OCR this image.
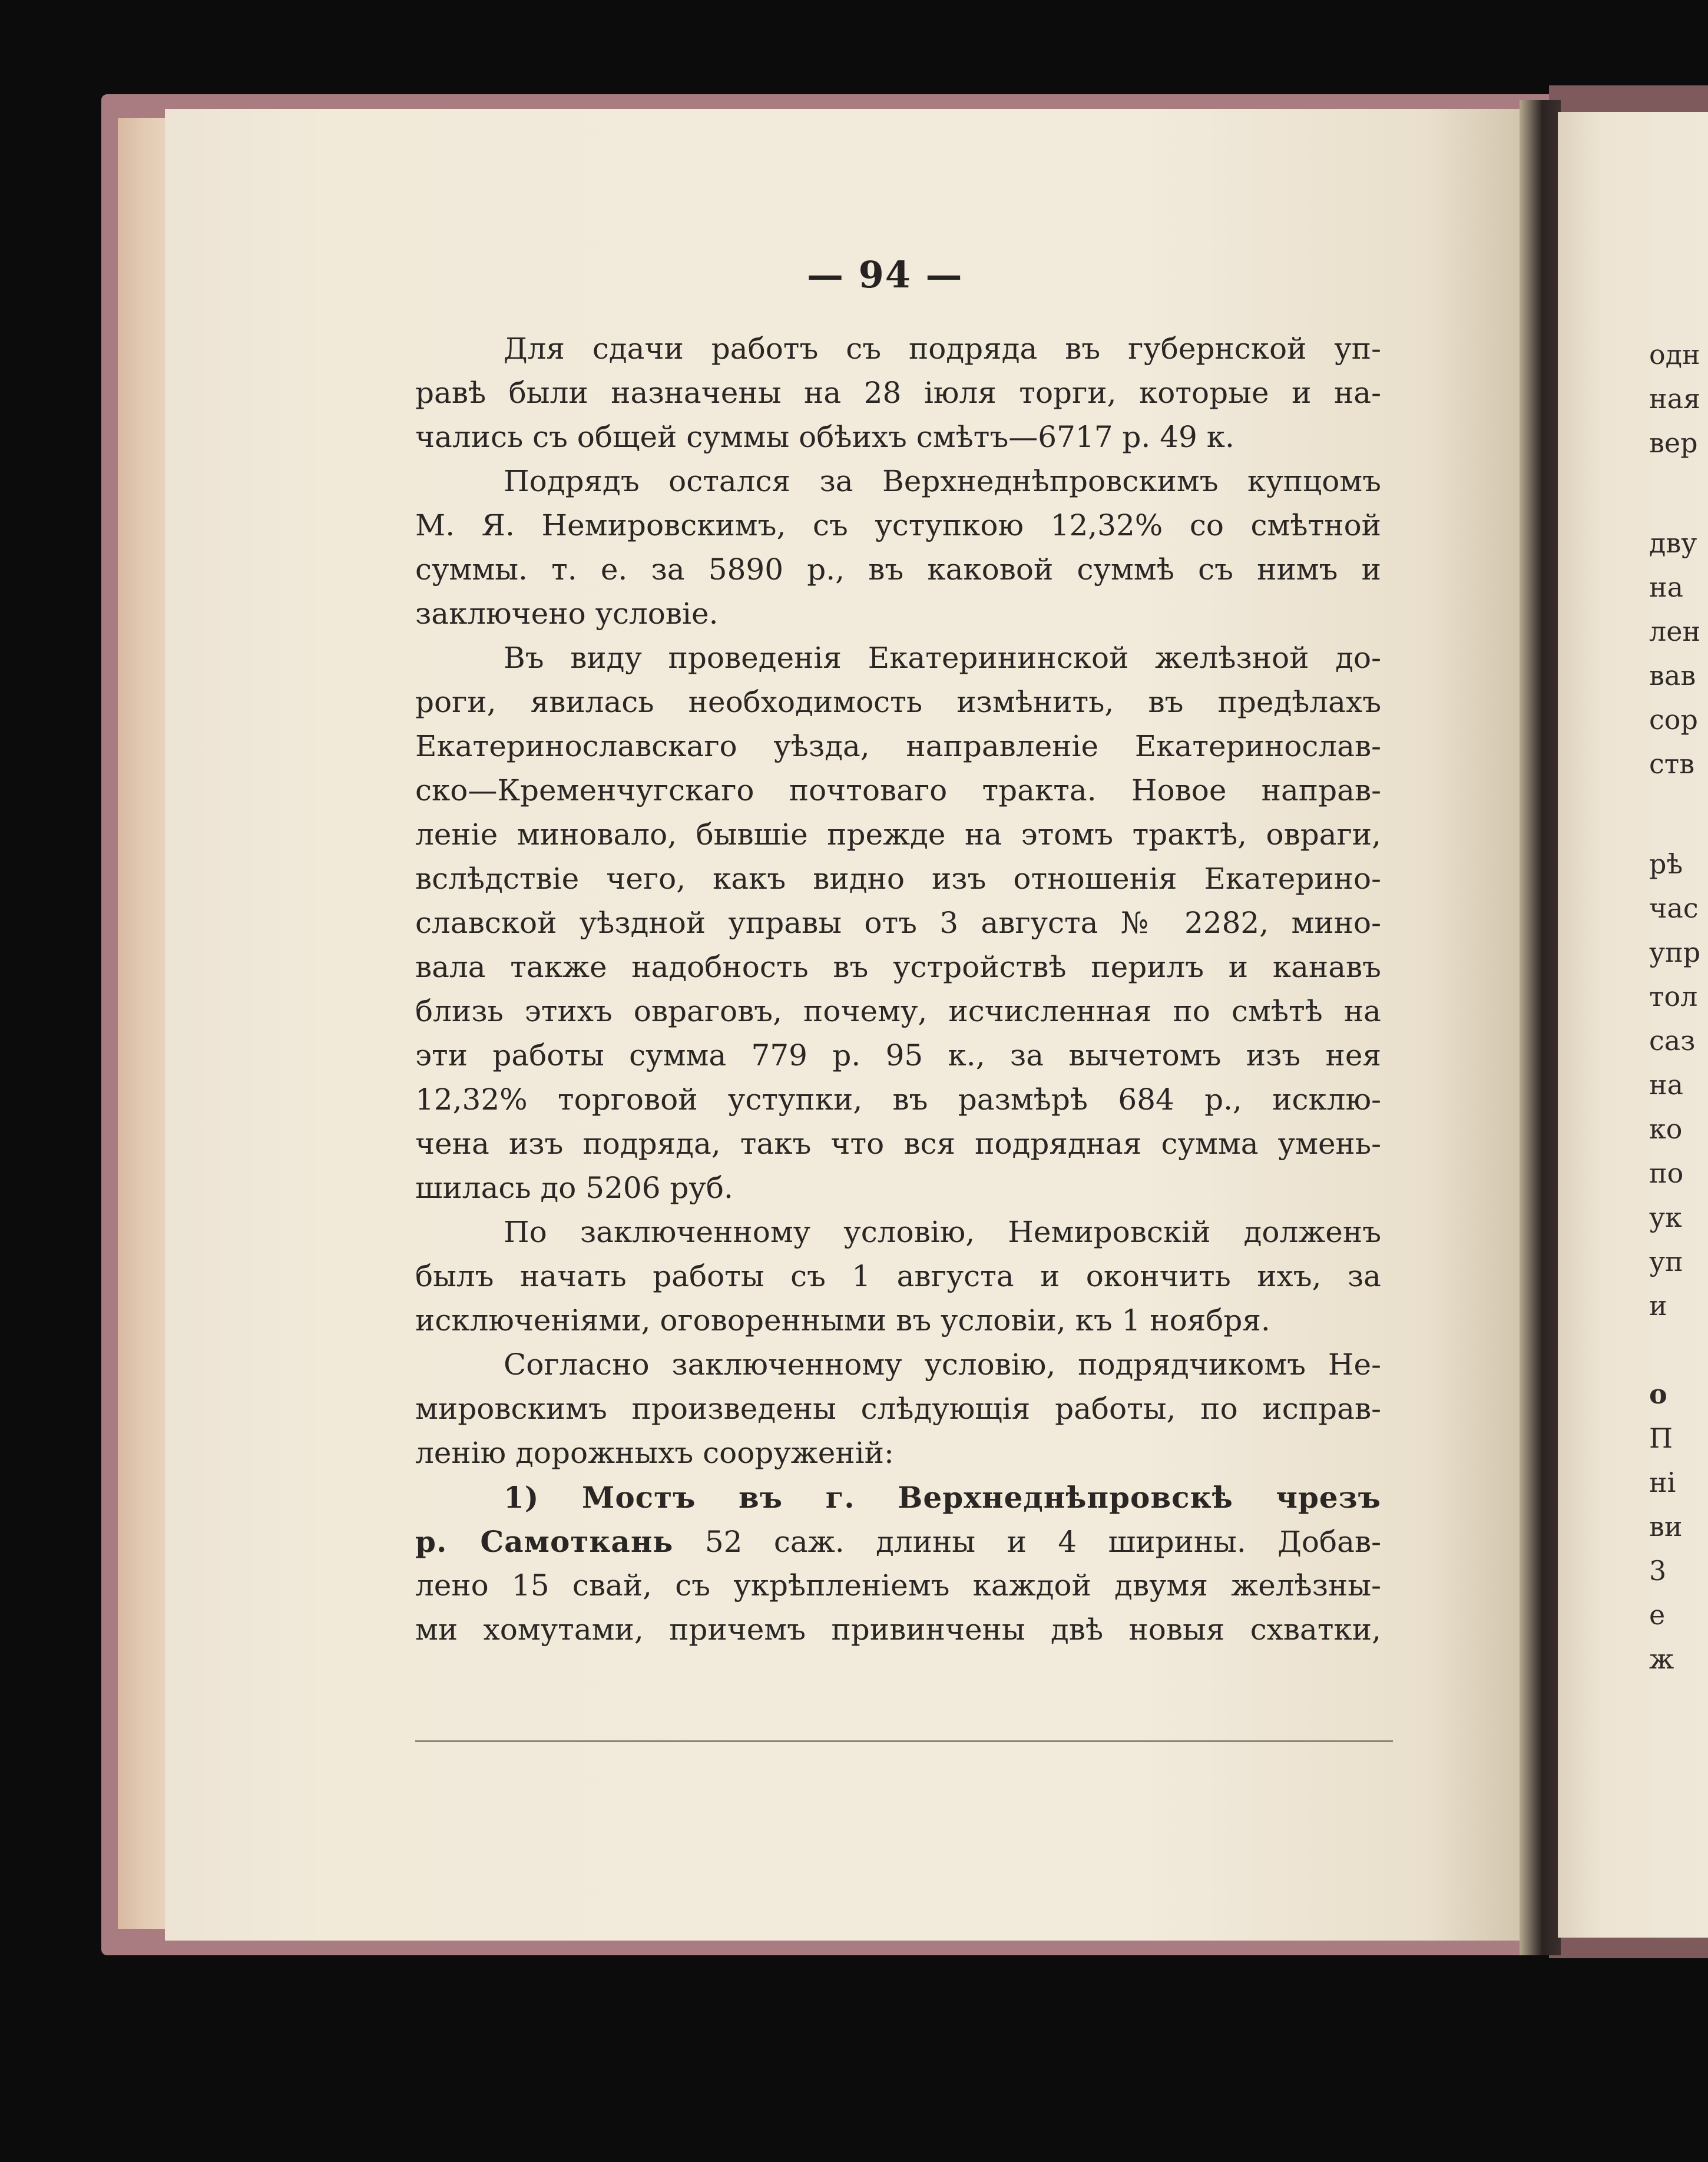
— 94 —
Для сдачи работъ съ подряда въ губернской уп-
равѣ были назначены на 28 іюля торги, которые и на-
чались съ общей суммы обѣихъ смѣтъ—6717 р. 49 к.
Подрядъ остался за Верхнеднѣпровскимъ купцомъ
М. Я. Немировскимъ, съ уступкою 12,32% со смѣтной
суммы. т. е. за 5890 р., въ каковой суммѣ съ нимъ и
заключено условіе.
Въ виду проведенія Екатерининской желѣзной до-
роги, явилась необходимость измѣнить, въ предѣлахъ
Екатеринославскаго уѣзда, направленіе Екатеринослав-
ско—Кременчугскаго почтоваго тракта. Новое направ-
леніе миновало, бывшіе прежде на этомъ трактѣ, овраги,
вслѣдствіе чего, какъ видно изъ отношенія Екатерино-
славской уѣздной управы отъ 3 августа № 2282, мино-
вала также надобность въ устройствѣ перилъ и канавъ
близь этихъ овраговъ, почему, исчисленная по смѣтѣ на
эти работы сумма 779 р. 95 к., за вычетомъ изъ нея
12,32% торговой уступки, въ размѣрѣ 684 р., исклю-
чена изъ подряда, такъ что вся подрядная сумма умень-
шилась до 5206 руб.
По заключенному условію, Немировскій долженъ
былъ начать работы съ 1 августа и окончить ихъ, за
исключеніями, оговоренными въ условіи, къ 1 ноября.
Согласно заключенному условію, подрядчикомъ Не-
мировскимъ произведены слѣдующія работы, по исправ-
ленію дорожныхъ сооруженій:
1) Мостъ въ г. Верхнеднѣпровскѣ чрезъ
р. Самоткань 52 саж. длины и 4 ширины. Добав-
лено 15 свай, съ укрѣпленіемъ каждой двумя желѣзны-
ми хомутами, причемъ привинчены двѣ новыя схватки,
одн
ная
вер
дву
на
лен
вав
сор
ств
рѣ
час
упр
тол
саз
на
ко
по
ук
уп
и
о
П
ні
ви
3
е
ж
